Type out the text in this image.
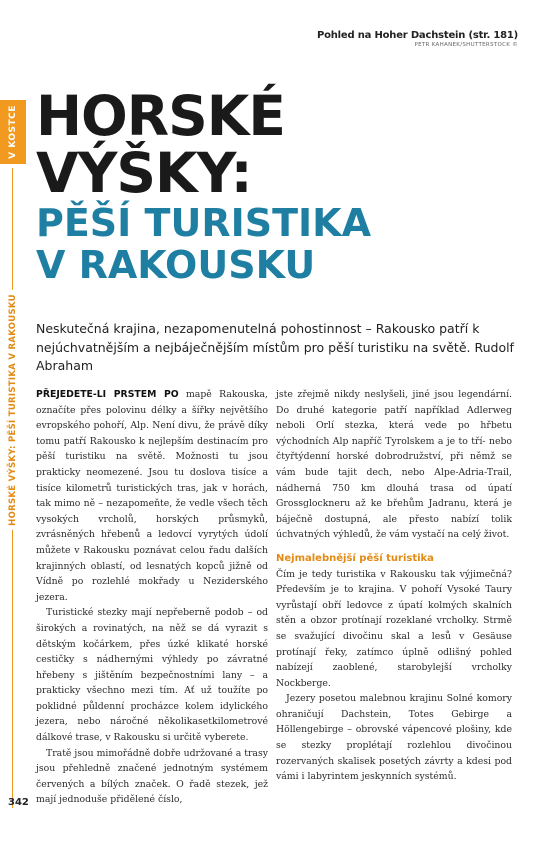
V KOSTCE
HORSKÉ VÝŠKY: PĚŠÍ TURISTIKA V RAKOUSKU
Pohled na Hoher Dachstein (str. 181)
PETR KAHANEK/SHUTTERSTOCK ©
HORSKÉ
VÝŠKY:
PĚŠÍ TURISTIKA
V RAKOUSKU
Neskutečná krajina, nezapomenutelná pohostinnost – Rakousko patří k nejúchvatnějším a nejbáječnějším místům pro pěší turistiku na světě. Rudolf Abraham

PŘEJEDETE-LI PRSTEM PO mapě Rakouska, označíte přes polovinu délky a šířky největšího evropského pohoří, Alp. Není divu, že právě díky tomu patří Rakousko k nejlepším destinacím pro pěší turistiku na světě. Možnosti tu jsou prakticky neomezené. Jsou tu doslova tisíce a tisíce kilometrů turistických tras, jak v horách, tak mimo ně – nezapomeňte, že vedle všech těch vysokých vrcholů, horských průsmyků, zvrásněných hřebenů a ledovcí vyrytých údolí můžete v Rakousku poznávat celou řadu dalších krajinných oblastí, od lesnatých kopců jižně od Vídně po rozlehlé mokřady u Neziderského jezera.

Turistické stezky mají nepřeberně podob – od širokých a rovinatých, na něž se dá vyrazit s dětským kočárkem, přes úzké klikaté horské cestičky s nádhernými výhledy po závratné hřebeny s jištěním bezpečnostními lany – a prakticky všechno mezi tím. Ať už toužíte po poklidné půldenní procházce kolem idylického jezera, nebo náročné několikasetkilometrové dálkové trase, v Rakousku si určitě vyberete.

Tratě jsou mimořádně dobře udržované a trasy jsou přehledně značené jednotným systémem červených a bílých značek. O řadě stezek, jež mají jednoduše přidělené číslo,

jste zřejmě nikdy neslyšeli, jiné jsou legendární. Do druhé kategorie patří například Adlerweg neboli Orlí stezka, která vede po hřbetu východních Alp napříč Tyrolskem a je to tří- nebo čtyřtýdenní horské dobrodružství, při němž se vám bude tajit dech, nebo Alpe-Adria-Trail, nádherná 750 km dlouhá trasa od úpatí Grossglockneru až ke břehům Jadranu, která je báječně dostupná, ale přesto nabízí tolik úchvatných výhledů, že vám vystačí na celý život.

Nejmalebnější pěší turistika

Čím je tedy turistika v Rakousku tak výjimečná? Především je to krajina. V pohoří Vysoké Taury vyrůstají obří ledovce z úpatí kolmých skalních stěn a obzor protínají rozeklané vrcholky. Strmě se svažující divočinu skal a lesů v Gesäuse protínají řeky, zatímco úplně odlišný pohled nabízejí zaoblené, starobylejší vrcholky Nockberge.

Jezery posetou malebnou krajinu Solné komory ohraničují Dachstein, Totes Gebirge a Höllengebirge – obrovské vápencové plošiny, kde se stezky proplétají rozlehlou divočinou rozervaných skalisek posetých závrty a kdesi pod vámi i labyrintem jeskynních systémů.

342
